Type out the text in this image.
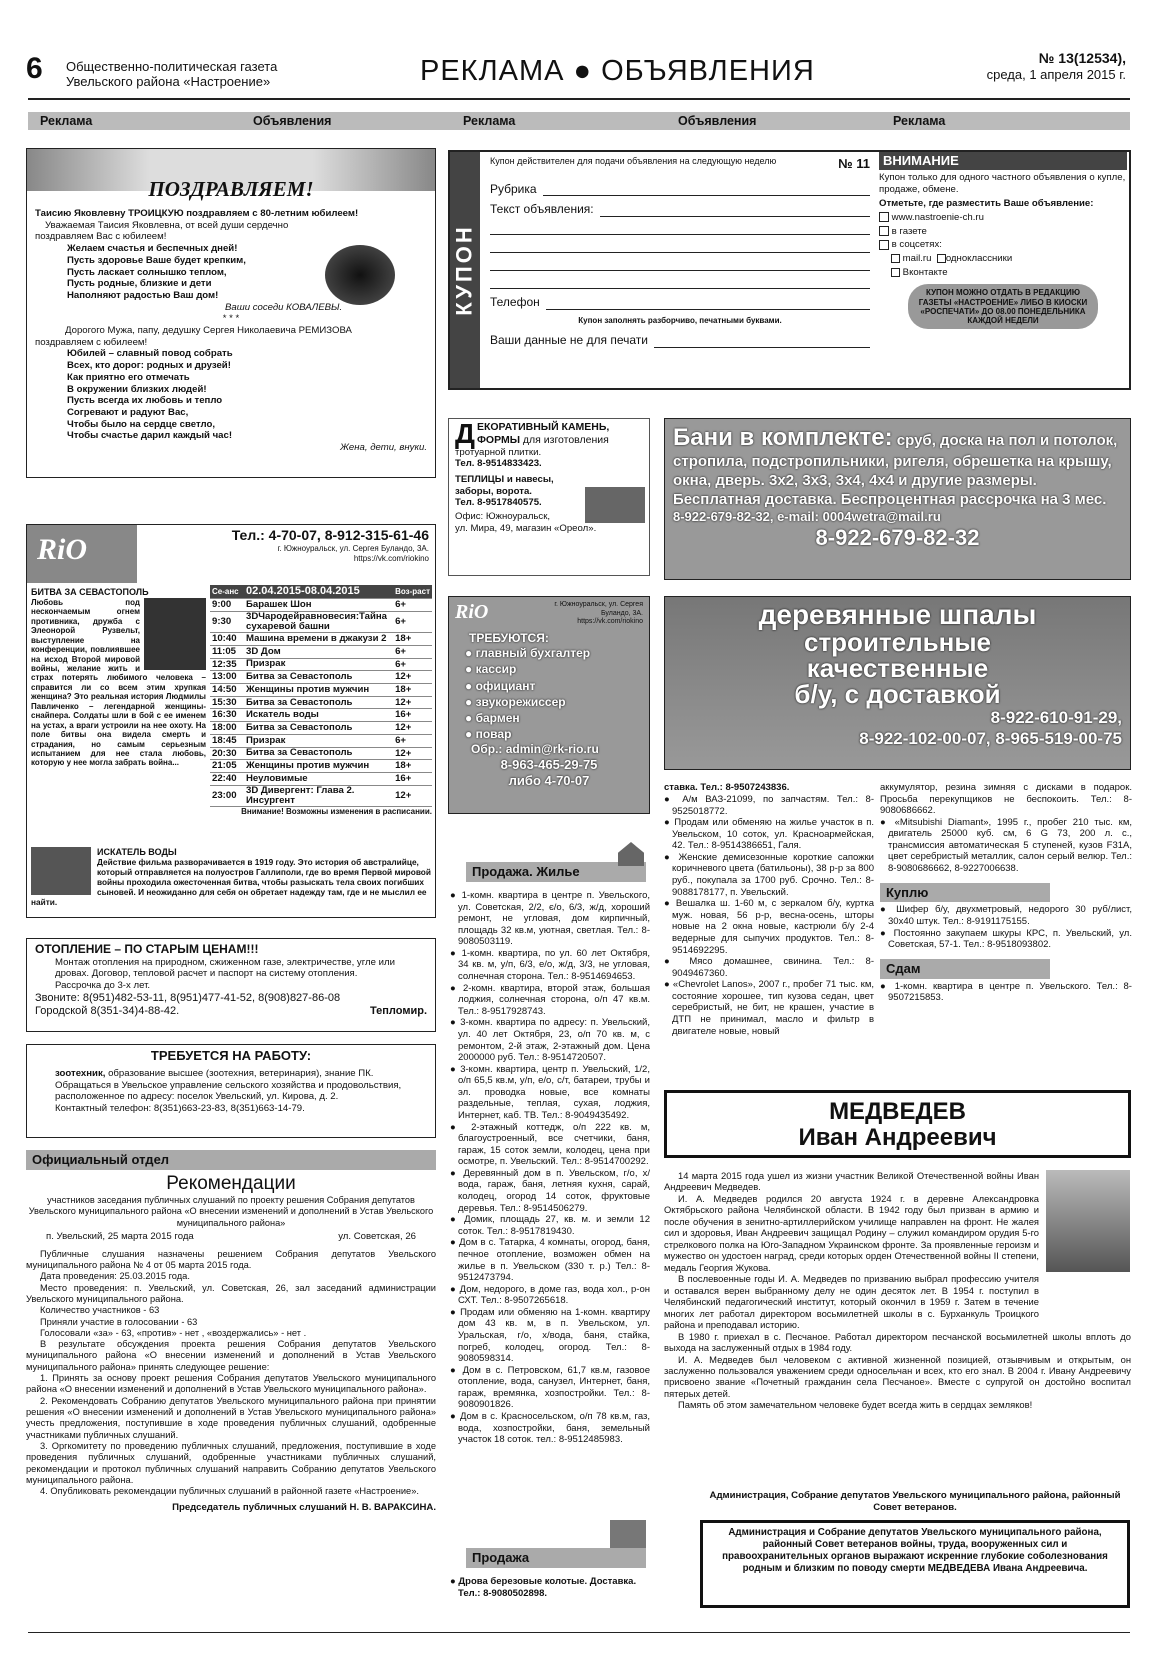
6 Общественно-политическая газета
Увельского района «Настроение»	РЕКЛАМА ● ОБЪЯВЛЕНИЯ	№ 13(12534),
среда, 1 апреля 2015 г.
Реклама	Объявления	Реклама	Объявления	Реклама
ПОЗДРАВЛЯЕМ!

Таисию Яковлевну ТРОИЦКУЮ поздравляем с 80-летним юбилеем!

Уважаемая Таисия Яковлевна, от всей души сердечно

поздравляем Вас с юбилеем!

Желаем счастья и беспечных дней!

Пусть здоровье Ваше будет крепким,

Пусть ласкает солнышко теплом,

Пусть родные, близкие и дети

Наполняют радостью Ваш дом!

Ваши соседи КОВАЛЕВЫ.

* * *

Дорогого Мужа, папу, дедушку Сергея Николаевича РЕМИЗОВА

поздравляем с юбилеем!

Юбилей – славный повод собрать

Всех, кто дорог: родных и друзей!

Как приятно его отмечать

В окружении близких людей!

Пусть всегда их любовь и тепло

Согревают и радуют Вас,

Чтобы было на сердце светло,

Чтобы счастье дарил каждый час!

Жена, дети, внуки.

КУПОН
Купон действителен для подачи объявления на следующую неделю	№ 11
Рубрика
Текст объявления:
Телефон
Купон заполнять разборчиво, печатными буквами.
Ваши данные не для печати
ВНИМАНИЕ

Купон только для одного частного объявления о купле, продаже, обмене.

Отметьте, где разместить Ваше объявление:

www.nastroenie-ch.ru
в газете
в соцсетях:
mail.ru одноклассники
Вконтакте
КУПОН МОЖНО ОТДАТЬ В РЕДАКЦИЮ ГАЗЕТЫ «НАСТРОЕНИЕ» ЛИБО В КИОСКИ «РОСПЕЧАТИ» ДО 08.00 ПОНЕДЕЛЬНИКА КАЖДОЙ НЕДЕЛИ
RiO	Тел.: 4-70-07, 8-912-315-61-46
г. Южноуральск, ул. Сергея Буландо, 3А.
https://vk.com/riokino
БИТВА ЗА СЕВАСТОПОЛЬ
Любовь под нескончаемым огнем противника, дружба с Элеонорой Рузвельт, выступление на конференции, повлиявшее на исход Второй мировой войны, желание жить и страх потерять любимого человека – справится ли со всем этим хрупкая женщина? Это реальная история Людмилы Павличенко – легендарной женщины-снайпера. Солдаты шли в бой с ее именем на устах, а враги устроили на нее охоту. На поле битвы она видела смерть и страдания, но самым серьезным испытанием для нее стала любовь, которую у нее могла забрать война...
Се-анс	02.04.2015-08.04.2015	Воз-раст
9:00	Барашек Шон	6+
9:30	3DЧародейравновесия:Тайна сухаревой башни	6+
10:40	Машина времени в джакузи 2	18+
11:05	3D Дом	6+
12:35	Призрак	6+
13:00	Битва за Севастополь	12+
14:50	Женщины против мужчин	18+
15:30	Битва за Севастополь	12+
16:30	Искатель воды	16+
18:00	Битва за Севастополь	12+
18:45	Призрак	6+
20:30	Битва за Севастополь	12+
21:05	Женщины против мужчин	18+
22:40	Неуловимые	16+
23:00	3D Дивергент: Глава 2. Инсургент	12+
Внимание! Возможны изменения в расписании.
ИСКАТЕЛЬ ВОДЫ
Действие фильма разворачивается в 1919 году. Это история об австралийце, который отправляется на полуостров Галлиполи, где во время Первой мировой войны проходила ожесточенная битва, чтобы разыскать тела своих погибших сыновей. И неожиданно для себя он обретает надежду там, где и не мыслил ее найти.
ОТОПЛЕНИЕ – ПО СТАРЫМ ЦЕНАМ!!!

Монтаж отопления на природном, сжиженном газе, электричестве, угле или дровах. Договор, тепловой расчет и паспорт на систему отопления.

Рассрочка до 3-х лет.

Звоните: 8(951)482-53-11, 8(951)477-41-52, 8(908)827-86-08

Городской 8(351-34)4-88-42.	Тепломир.

ТРЕБУЕТСЯ НА РАБОТУ:

зоотехник, образование высшее (зоотехния, ветеринария), знание ПК.

Обращаться в Увельское управление сельского хозяйства и продовольствия, расположенное по адресу: поселок Увельский, ул. Кирова, д. 2.

Контактный телефон: 8(351)663-23-83, 8(351)663-14-79.

Официальный отдел
Рекомендации

участников заседания публичных слушаний по проекту решения Собрания депутатов Увельского муниципального района «О внесении изменений и дополнений в Устав Увельского муниципального района»

п. Увельский, 25 марта 2015 года	ул. Советская, 26

Публичные слушания назначены решением Собрания депутатов Увельского муниципального района № 4 от 05 марта 2015 года.

Дата проведения: 25.03.2015 года.

Место проведения: п. Увельский, ул. Советская, 26, зал заседаний администрации Увельского муниципального района.

Количество участников - 63

Приняли участие в голосовании - 63

Голосовали «за» - 63, «против» - нет , «воздержались» - нет .

В результате обсуждения проекта решения Собрания депутатов Увельского муниципального района «О внесении изменений и дополнений в Устав Увельского муниципального района» принять следующее решение:

1. Принять за основу проект решения Собрания депутатов Увельского муниципального района «О внесении изменений и дополнений в Устав Увельского муниципального района».

2. Рекомендовать Собранию депутатов Увельского муниципального района при принятии решения «О внесении изменений и дополнений в Устав Увельского муниципального района» учесть предложения, поступившие в ходе проведения публичных слушаний, одобренные участниками публичных слушаний.

3. Оргкомитету по проведению публичных слушаний, предложения, поступившие в ходе проведения публичных слушаний, одобренные участниками публичных слушаний, рекомендации и протокол публичных слушаний направить Собранию депутатов Увельского муниципального района.

4. Опубликовать рекомендации публичных слушаний в районной газете «Настроение».

Председатель публичных слушаний Н. В. ВАРАКСИНА.

ДЕКОРАТИВНЫЙ КАМЕНЬ,
ФОРМЫ для изготовления

тротуарной плитки.

Тел. 8-9514833423.

ТЕПЛИЦЫ и навесы, заборы, ворота.

Тел. 8-9517840575.

Офис: Южноуральск,

ул. Мира, 49, магазин «Ореол».

Бани в комплекте: сруб, доска на пол и потолок, стропила, подстропильники, ригеля, обрешетка на крышу, окна, дверь. 3х2, 3х3, 3х4, 4х4 и другие размеры. Бесплатная доставка. Беспроцентная рассрочка на 3 мес.
8-922-679-82-32, e-mail: 0004wetra@mail.ru
8-922-679-82-32
деревянные шпалы
строительные
качественные
б/у, с доставкой
8-922-610-91-29,
8-922-102-00-07, 8-965-519-00-75
RiO	г. Южноуральск, ул. Сергея Буландо, 3А. https://vk.com/riokino
ТРЕБУЮТСЯ:

● главный бухгалтер

● кассир

● официант

● звукорежиссер

● бармен

● повар

Обр.: admin@rk-rio.ru
8-963-465-29-75
либо 4-70-07
Продажа. Жилье

● 1-комн. квартира в центре п. Увельского, ул. Советская, 2/2, є/о, 6/3, ж/д, хороший ремонт, не угловая, дом кирпичный, площадь 32 кв.м, уютная, светлая. Тел.: 8-9080503119.

● 1-комн. квартира, по ул. 60 лет Октября, 34 кв. м, у/п, 6/3, е/о, ж/д, 3/3, не угловая, солнечная сторона. Тел.: 8-9514694653.

● 2-комн. квартира, второй этаж, большая лоджия, солнечная сторона, о/п 47 кв.м. Тел.: 8-9517928743.

● 3-комн. квартира по адресу: п. Увельский, ул. 40 лет Октября, 23, о/п 70 кв. м, с ремонтом, 2-й этаж, 2-этажный дом. Цена 2000000 руб. Тел.: 8-9514720507.

● 3-комн. квартира, центр п. Увельский, 1/2, о/п 65,5 кв.м, у/п, е/о, с/т, батареи, трубы и эл. проводка новые, все комнаты раздельные, теплая, сухая, лоджия, Интернет, каб. ТВ. Тел.: 8-9049435492.

● 2-этажный коттедж, о/п 222 кв. м, благоустроенный, все счетчики, баня, гараж, 15 соток земли, колодец, цена при осмотре, п. Увельский. Тел.: 8-9514700292.

● Деревянный дом в п. Увельском, г/о, х/вода, гараж, баня, летняя кухня, сарай, колодец, огород 14 соток, фруктовые деревья. Тел.: 8-9514506279.

● Домик, площадь 27, кв. м. и земли 12 соток. Тел.: 8-9517819430.

● Дом в с. Татарка, 4 комнаты, огород, баня, печное отопление, возможен обмен на жилье в п. Увельском (330 т. р.) Тел.: 8-9512473794.

● Дом, недорого, в доме газ, вода хол., р-он СХТ. Тел.: 8-9507265618.

● Продам или обменяю на 1-комн. квартиру дом 43 кв. м, в п. Увельском, ул. Уральская, г/о, х/вода, баня, стайка, погреб, колодец, огород. Тел.: 8-9080598314.

● Дом в с. Петровском, 61,7 кв.м, газовое отопление, вода, санузел, Интернет, баня, гараж, времянка, хозпостройки. Тел.: 8-9080901826.

● Дом в с. Краснoсельском, о/п 78 кв.м, газ, вода, хозпостройки, баня, земельный участок 18 соток. тел.: 8-9512485983.

Продажа

● Дрова березовые колотые. Доставка. Тел.: 8-9080502898.

ставка. Тел.: 8-9507243836.

● А/м ВАЗ-21099, по запчастям. Тел.: 8-9525018772.

● Продам или обменяю на жилье участок в п. Увельском, 10 соток, ул. Красноармейская, 42. Тел.: 8-9514386651, Галя.

● Женские демисезонные короткие сапожки коричневого цвета (батильоны), 38 р-р за 800 руб., покупала за 1700 руб. Срочно. Тел.: 8-9088178177, п. Увельский.

● Вешалка ш. 1-60 м, с зеркалом б/у, куртка муж. новая, 56 р-р, весна-осень, шторы новые на 2 окна новые, кастрюли б/у 2-4 ведерные для сыпучих продуктов. Тел.: 8-9514692295.

● Мясо домашнее, свинина. Тел.: 8-9049467360.

● «Chevrolet Lanos», 2007 г., пробег 71 тыс. км, состояние хорошее, тип кузова седан, цвет серебристый, не бит, не крашен, участие в ДТП не принимал, масло и фильтр в двигателе новые, новый

аккумулятор, резина зимняя с дисками в подарок. Просьба перекупщиков не беспокоить. Тел.: 8-9080686662.

● «Mitsubishi Diamant», 1995 г., пробег 210 тыс. км, двигатель 25000 куб. см, 6 G 73, 200 л. с., трансмиссия автоматическая 5 ступеней, кузов F31A, цвет серебристый металлик, салон серый велюр. Тел.: 8-9080686662, 8-9227006638.

Куплю

● Шифер б/у, двухметровый, недорого 30 руб/лист, 30х40 штук. Тел.: 8-9191175155.

● Постоянно закупаем шкуры КРС, п. Увельский, ул. Советская, 57-1. Тел.: 8-9518093802.

Сдам

● 1-комн. квартира в центре п. Увельского. Тел.: 8-9507215853.

МЕДВЕДЕВ
Иван Андреевич

14 марта 2015 года ушел из жизни участник Великой Отечественной войны Иван Андреевич Медведев.

И. А. Медведев родился 20 августа 1924 г. в деревне Александровка Октябрьского района Челябинской области. В 1942 году был призван в армию и после обучения в зенитно-артиллерийском училище направлен на фронт. Не жалея сил и здоровья, Иван Андреевич защищал Родину – служил командиром орудия 5-го стрелкового полка на Юго-Западном Украинском фронте. За проявленные героизм и мужество он удостоен наград, среди которых орден Отечественной войны II степени, медаль Георгия Жукова.

В послевоенные годы И. А. Медведев по призванию выбрал профессию учителя и оставался верен выбранному делу не один десяток лет. В 1954 г. поступил в Челябинский педагогический институт, который окончил в 1959 г. Затем в течение многих лет работал директором восьмилетней школы в с. Бурханкуль Троицкого района и преподавал историю.

В 1980 г. приехал в с. Песчаное. Работал директором песчанской восьмилетней школы вплоть до выхода на заслуженный отдых в 1984 году.

И. А. Медведев был человеком с активной жизненной позицией, отзывчивым и открытым, он заслуженно пользовался уважением среди односельчан и всех, кто его знал. В 2004 г. Ивану Андреевичу присвоено звание «Почетный гражданин села Песчаное». Вместе с супругой он достойно воспитал пятерых детей.

Память об этом замечательном человеке будет всегда жить в сердцах земляков!

Администрация, Собрание депутатов Увельского муниципального района, районный Совет ветеранов.
Администрация и Собрание депутатов Увельского муниципального района, районный Совет ветеранов войны, труда, вооруженных сил и правоохранительных органов выражают искренние глубокие соболезнования родным и близким по поводу смерти МЕДВЕДЕВА Ивана Андреевича.
